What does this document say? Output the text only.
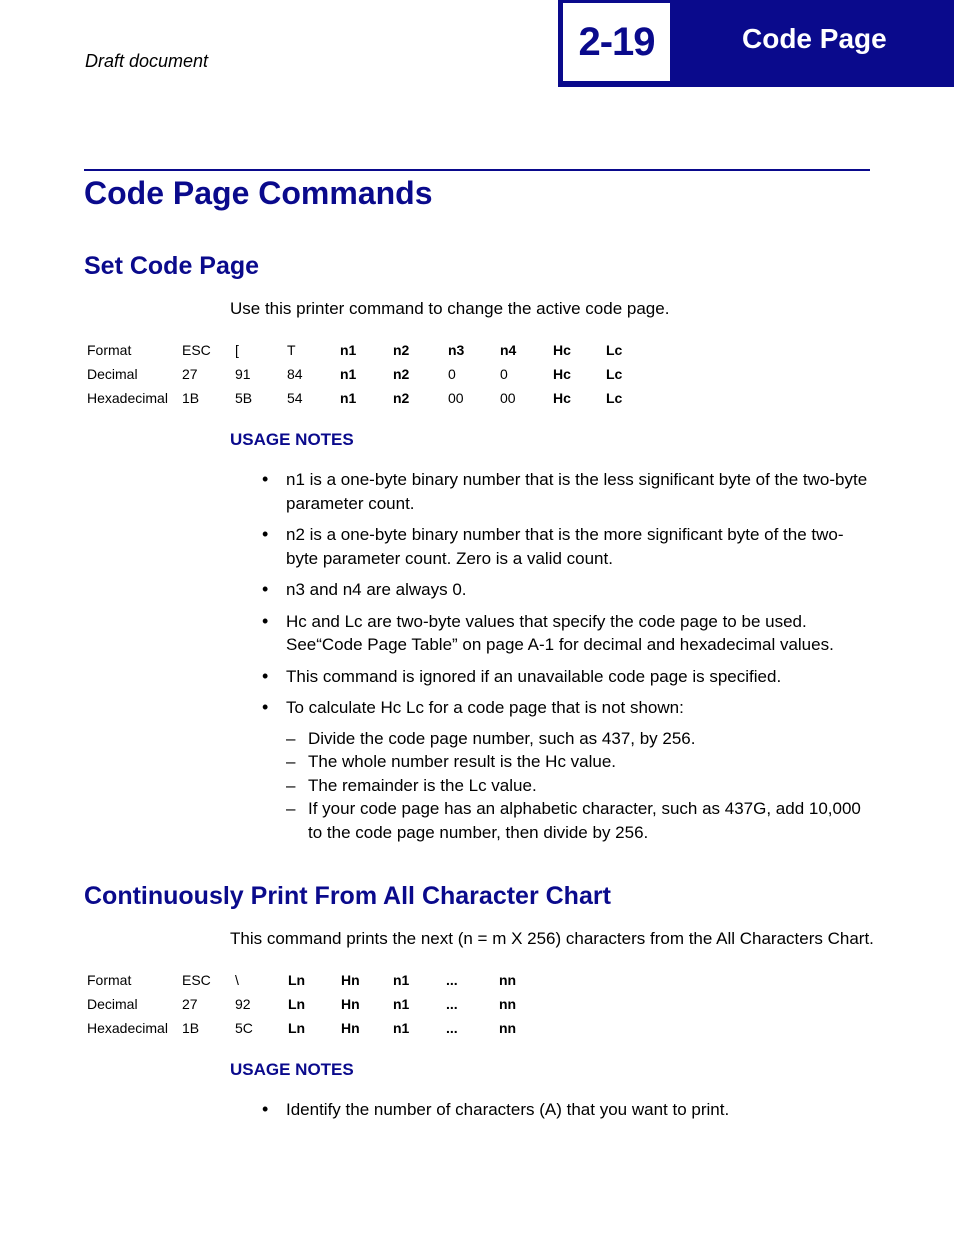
Draft document	2-19	Code Page
Code Page Commands
Set Code Page
Use this printer command to change the active code page.
Format	ESC	[	T	n1	n2	n3	n4	Hc	Lc
Decimal	27	91	84	n1	n2	0	0	Hc	Lc
Hexadecimal	1B	5B	54	n1	n2	00	00	Hc	Lc
USAGE NOTES
• n1 is a one-byte binary number that is the less significant byte of the two-byte parameter count.
• n2 is a one-byte binary number that is the more significant byte of the two-byte parameter count. Zero is a valid count.
• n3 and n4 are always 0.
• Hc and Lc are two-byte values that specify the code page to be used. See“Code Page Table” on page A-1 for decimal and hexadecimal values.
• This command is ignored if an unavailable code page is specified.
• To calculate Hc Lc for a code page that is not shown:
– Divide the code page number, such as 437, by 256.
– The whole number result is the Hc value.
– The remainder is the Lc value.
– If your code page has an alphabetic character, such as 437G, add 10,000 to the code page number, then divide by 256.
Continuously Print From All Character Chart
This command prints the next (n = m X 256) characters from the All Characters Chart.
Format	ESC	\	Ln	Hn	n1	...	nn
Decimal	27	92	Ln	Hn	n1	...	nn
Hexadecimal	1B	5C	Ln	Hn	n1	...	nn
USAGE NOTES
• Identify the number of characters (A) that you want to print.
